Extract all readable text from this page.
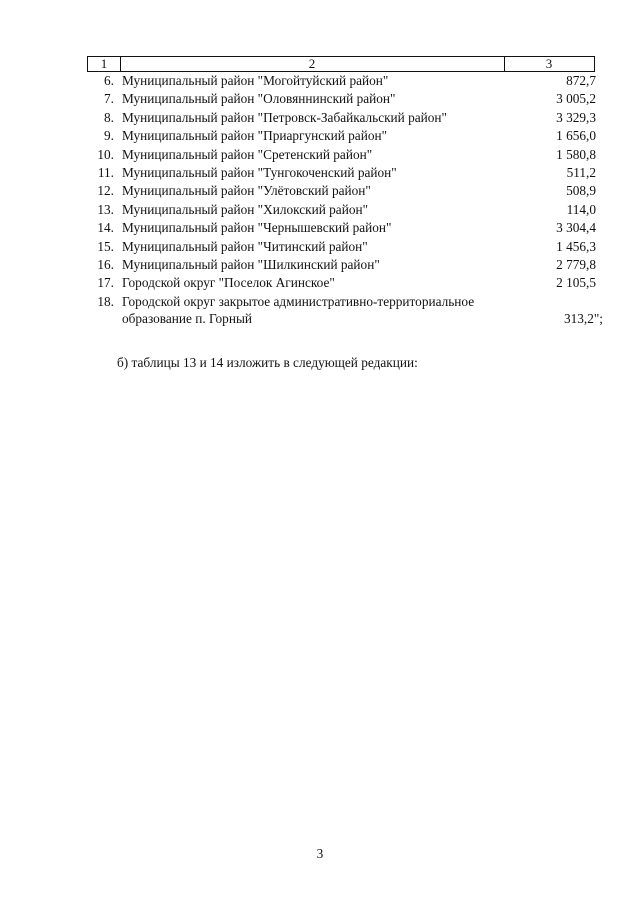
1	2	3
6. Муниципальный район "Могойтуйский район"	872,7
7. Муниципальный район "Оловяннинский район"	3 005,2
8. Муниципальный район "Петровск-Забайкальский район"	3 329,3
9. Муниципальный район "Приаргунский район"	1 656,0
10. Муниципальный район "Сретенский район"	1 580,8
11. Муниципальный район "Тунгокоченский район"	511,2
12. Муниципальный район "Улётовский район"	508,9
13. Муниципальный район "Хилокский район"	114,0
14. Муниципальный район "Чернышевский район"	3 304,4
15. Муниципальный район "Читинский район"	1 456,3
16. Муниципальный район "Шилкинский район"	2 779,8
17. Городской округ "Поселок Агинское"	2 105,5
18. Городской округ закрытое административно-территориальное образование п. Горный	313,2";
б) таблицы 13 и 14 изложить в следующей редакции:
3
